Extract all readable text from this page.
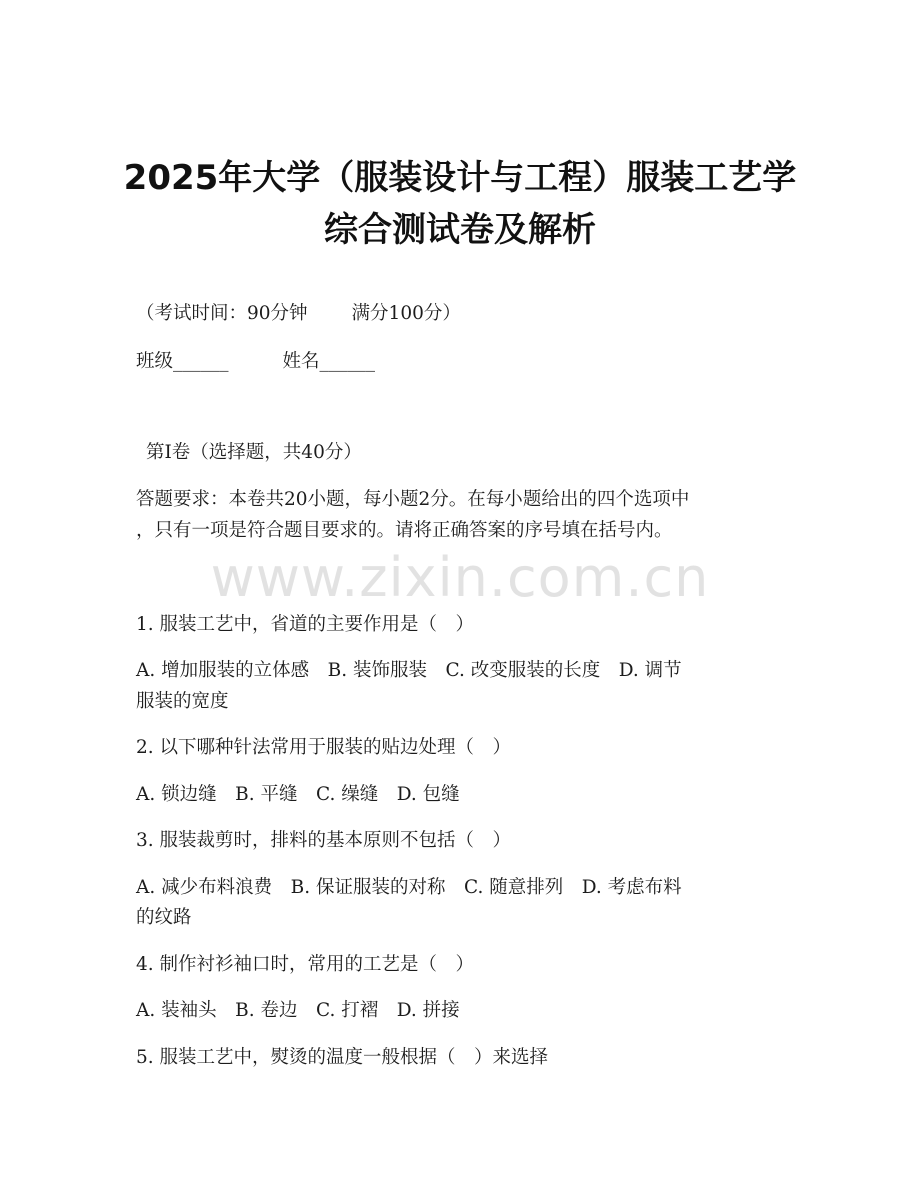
2025年大学（服装设计与工程）服装工艺学
综合测试卷及解析
（考试时间：90分钟 满分100分）
班级______	姓名______
第I卷（选择题，共40分）
答题要求：本卷共20小题，每小题2分。在每小题给出的四个选项中
，只有一项是符合题目要求的。请将正确答案的序号填在括号内。
www.zixin.com.cn
1. 服装工艺中，省道的主要作用是（　）
A. 增加服装的立体感　B. 装饰服装　C. 改变服装的长度　D. 调节
服装的宽度
2. 以下哪种针法常用于服装的贴边处理（　）
A. 锁边缝　B. 平缝　C. 缲缝　D. 包缝
3. 服装裁剪时，排料的基本原则不包括（　）
A. 减少布料浪费　B. 保证服装的对称　C. 随意排列　D. 考虑布料
的纹路
4. 制作衬衫袖口时，常用的工艺是（　）
A. 装袖头　B. 卷边　C. 打褶　D. 拼接
5. 服装工艺中，熨烫的温度一般根据（　）来选择
